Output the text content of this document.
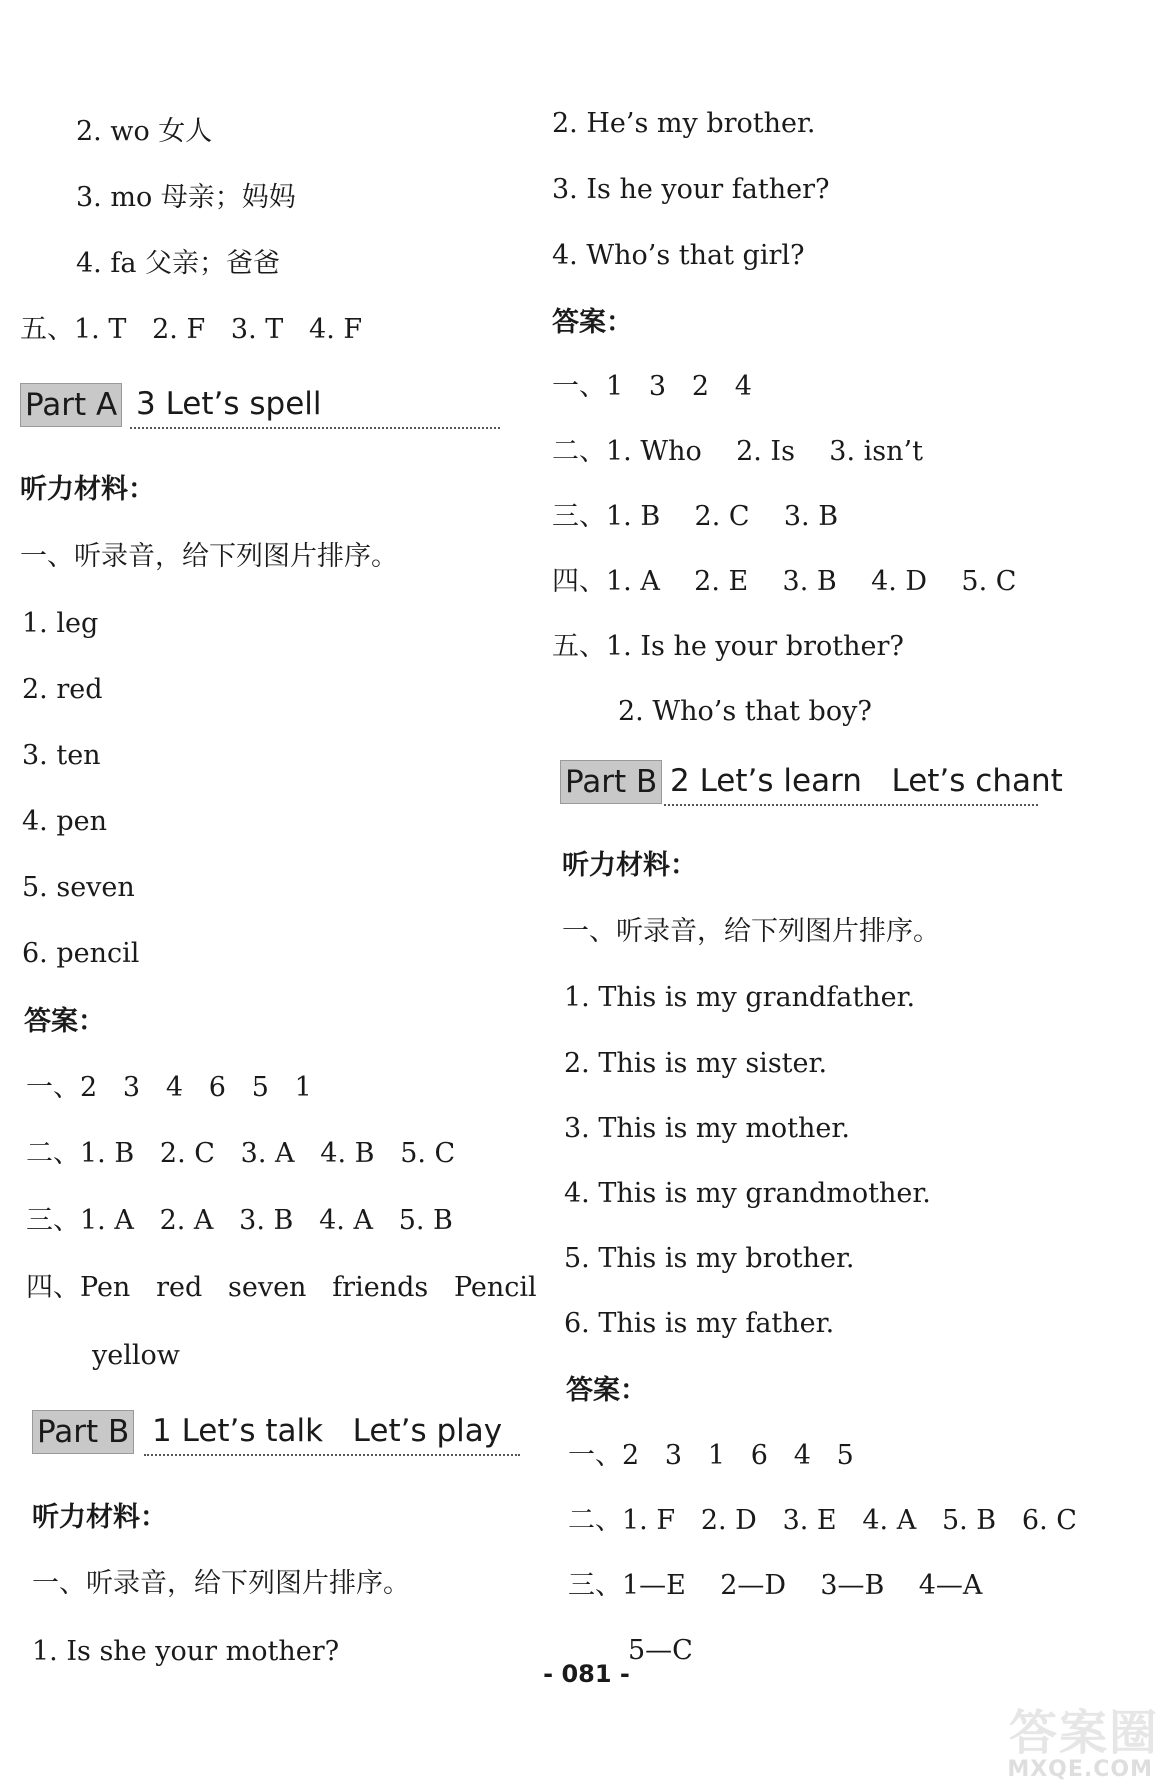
2. wo 女人
3. mo 母亲；妈妈
4. fa 父亲；爸爸
五、1. T   2. F   3. T   4. F
Part A 3 Let’s spell
听力材料：
一、听录音，给下列图片排序。
1. leg
2. red
3. ten
4. pen
5. seven
6. pencil
答案：
一、2   3   4   6   5   1
二、1. B   2. C   3. A   4. B   5. C
三、1. A   2. A   3. B   4. A   5. B
四、Pen   red   seven   friends   Pencil
yellow
Part B 1 Let’s talk   Let’s play
听力材料：
一、听录音，给下列图片排序。
1. Is she your mother?
2. He’s my brother.
3. Is he your father?
4. Who’s that girl?
答案：
一、1   3   2   4
二、1. Who    2. Is    3. isn’t
三、1. B    2. C    3. B
四、1. A    2. E    3. B    4. D    5. C
五、1. Is he your brother?
2. Who’s that boy?
Part B 2 Let’s learn   Let’s chant
听力材料：
一、听录音，给下列图片排序。
1. This is my grandfather.
2. This is my sister.
3. This is my mother.
4. This is my grandmother.
5. This is my brother.
6. This is my father.
答案：
一、2   3   1   6   4   5
二、1. F   2. D   3. E   4. A   5. B   6. C
三、1—E    2—D    3—B    4—A
5—C
- 081 -
答案圈
MXQE.COM
